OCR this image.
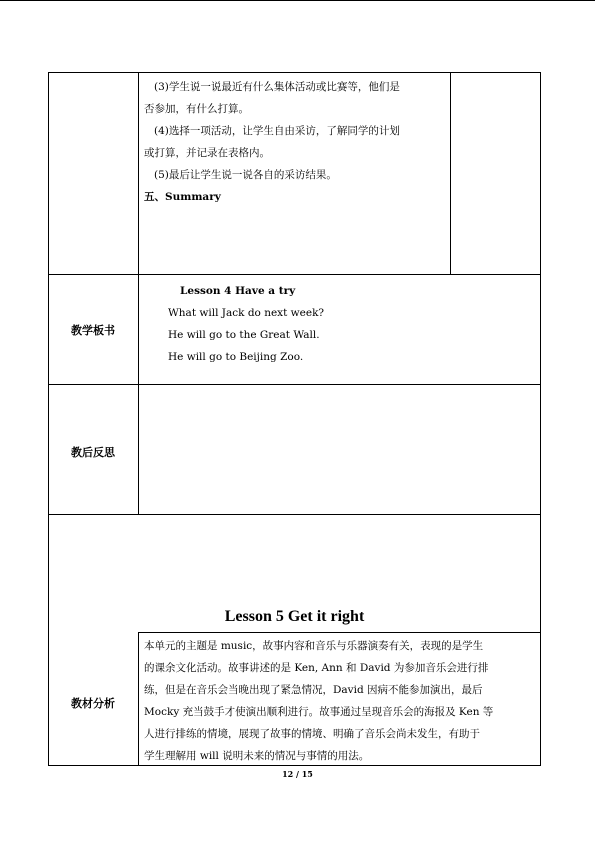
(3)学生说一说最近有什么集体活动或比赛等，他们是
否参加，有什么打算。
(4)选择一项活动，让学生自由采访，了解同学的计划
或打算，并记录在表格内。
(5)最后让学生说一说各自的采访结果。
五、Summary
教学板书
Lesson 4 Have a try
What will Jack do next week?
He will go to the Great Wall.
He will go to Beijing Zoo.
教后反思
Lesson 5 Get it right
教材分析
本单元的主题是 music，故事内容和音乐与乐器演奏有关，表现的是学生
的课余文化活动。故事讲述的是 Ken, Ann 和 David 为参加音乐会进行排
练，但是在音乐会当晚出现了紧急情况，David 因病不能参加演出，最后
Mocky 充当鼓手才使演出顺利进行。故事通过呈现音乐会的海报及 Ken 等
人进行排练的情境，展现了故事的情境、明确了音乐会尚未发生，有助于
学生理解用 will 说明未来的情况与事情的用法。
12 / 15
